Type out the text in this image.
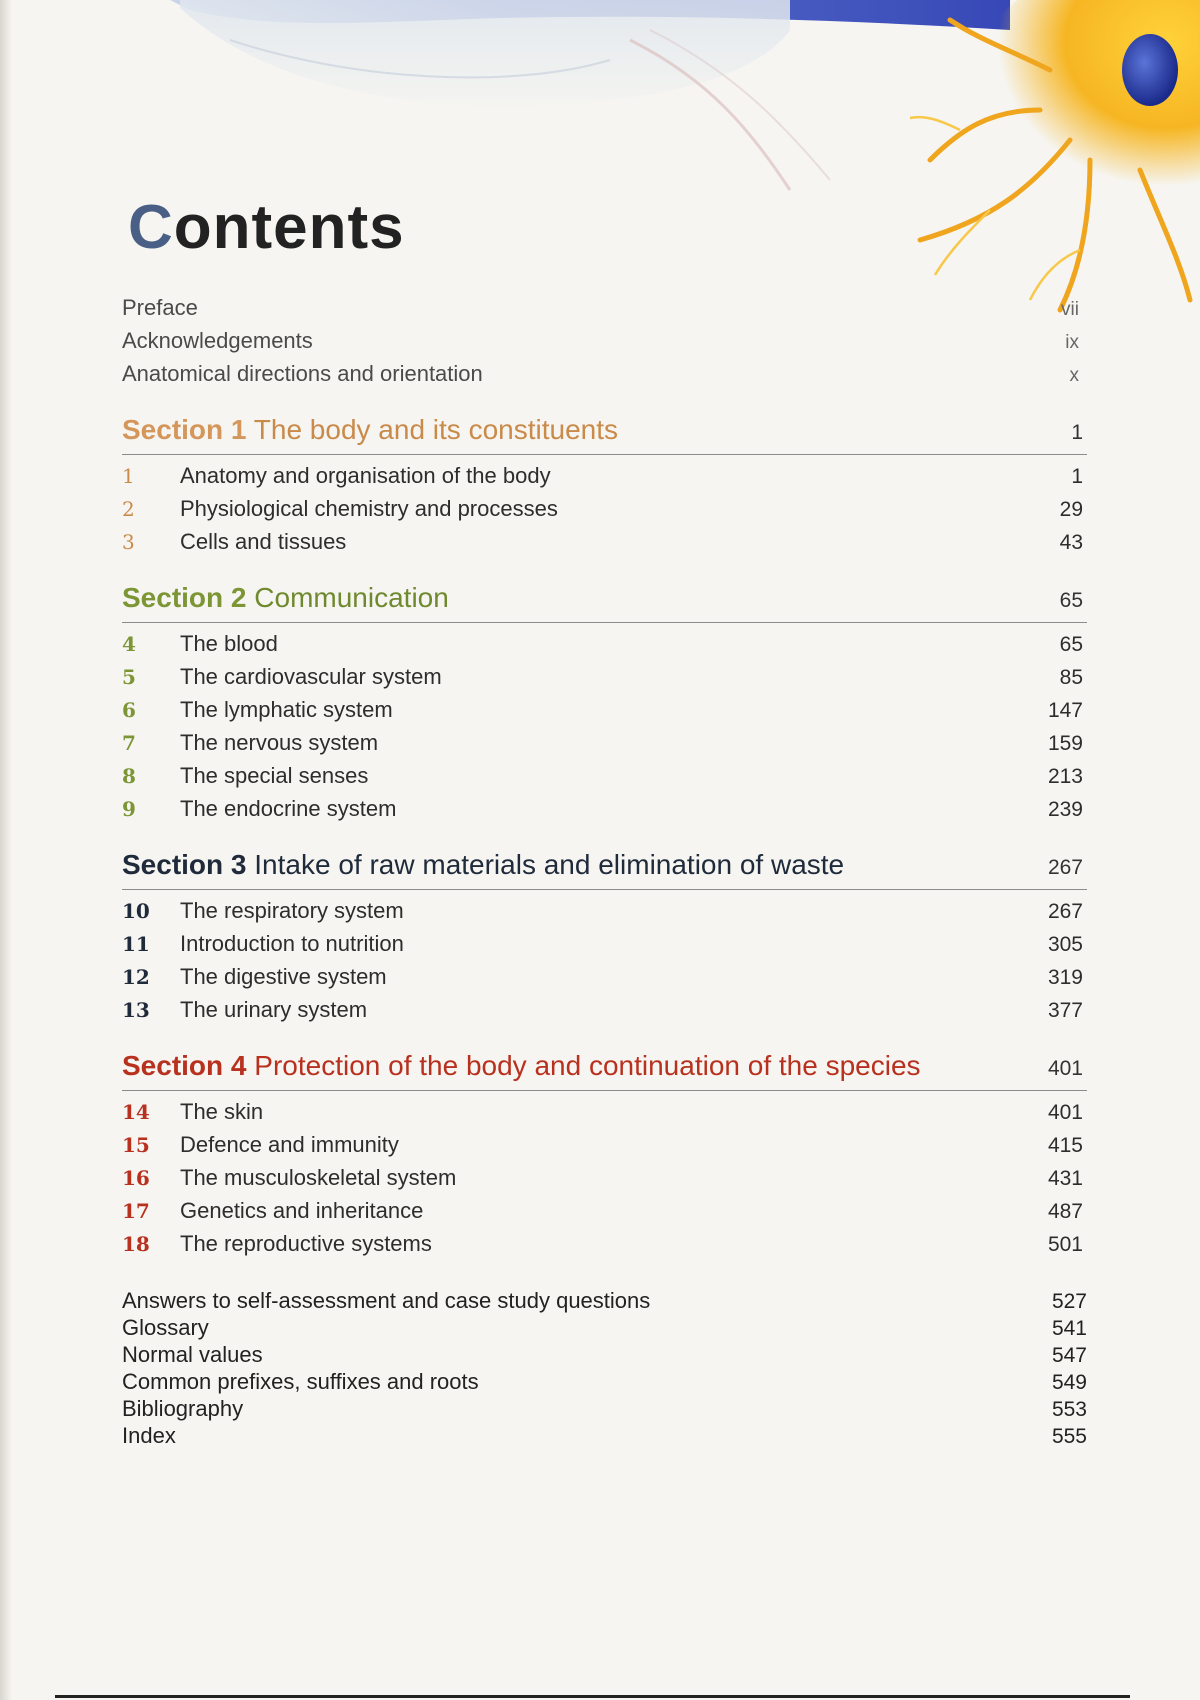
Contents
Preface	vii
Acknowledgements	ix
Anatomical directions and orientation	x
Section 1 The body and its constituents	1
1	Anatomy and organisation of the body	1
2	Physiological chemistry and processes	29
3	Cells and tissues	43
Section 2 Communication	65
4	The blood	65
5	The cardiovascular system	85
6	The lymphatic system	147
7	The nervous system	159
8	The special senses	213
9	The endocrine system	239
Section 3 Intake of raw materials and elimination of waste	267
10	The respiratory system	267
11	Introduction to nutrition	305
12	The digestive system	319
13	The urinary system	377
Section 4 Protection of the body and continuation of the species	401
14	The skin	401
15	Defence and immunity	415
16	The musculoskeletal system	431
17	Genetics and inheritance	487
18	The reproductive systems	501
Answers to self-assessment and case study questions	527
Glossary	541
Normal values	547
Common prefixes, suffixes and roots	549
Bibliography	553
Index	555
